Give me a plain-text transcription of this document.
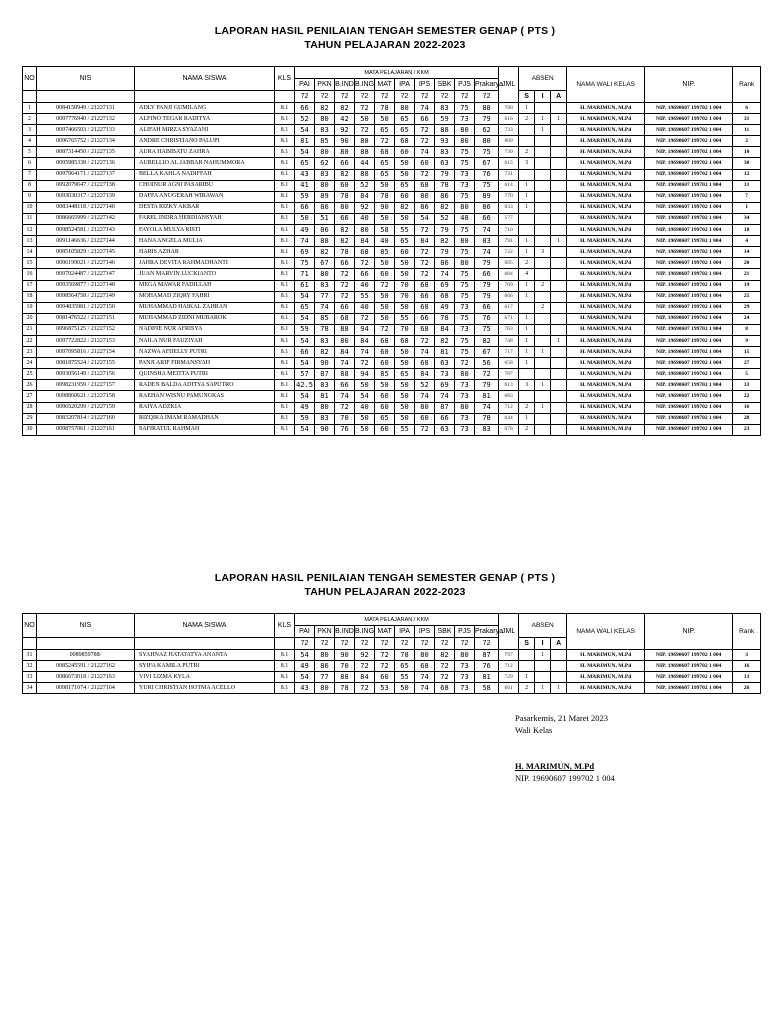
LAPORAN HASIL PENILAIAN TENGAH SEMESTER GENAP ( PTS )
TAHUN PELAJARAN 2022-2023
NO	NIS	NAMA SISWA	KLS	MATA PELAJARAN / KKM										JML	ABSEN			NAMA WALI KELAS	NIP.	Rank
				PAI	PKN	B.IND	B.ING	MAT	IPA	IPS	SBK	PJS	Prakarya							
				72	72	72	72	72	72	72	72	72	72		S	I	A			
1	0084150949 / 21227131	ADLY PANJI GUMILANG	8.1	66	82	82	72	78	80	74	83	75	88	780	1			H. MARIMUN, M.Pd	NIP. 19690607 199702 1 004	6
2	0097776940 / 21227132	ALFINO TEGAR RADITYA	8.1	52	80	42	50	50	65	66	59	73	79	616	2	1	1	H. MARIMUN, M.Pd	NIP. 19690607 199702 1 004	31
3	0097466503 / 21227133	ALIFAH MIRZA SYAZANI	8.1	54	83	92	72	65	65	72	88	80	62	733		1		H. MARIMUN, M.Pd	NIP. 19690607 199702 1 004	11
4	0096765752 / 21227134	ANDRE CHRISTIANO PALUPI	8.1	81	85	90	88	72	68	72	93	80	80	809				H. MARIMUN, M.Pd	NIP. 19690607 199702 1 004	2
5	0087314450 / 21227135	AURA HABIBATU ZAHRA	8.1	54	80	80	88	68	60	74	83	75	75	739	2			H. MARIMUN, M.Pd	NIP. 19690607 199702 1 004	10
6	0095985338 / 21227136	AURELLIO AL JABBAR NAHUMMORA	8.1	65	62	66	44	65	50	60	63	75	67	615	3			H. MARIMUN, M.Pd	NIP. 19690607 199702 1 004	30
7	0097964171 / 21227137	BELLA KAHLA NADIFFAH	8.1	43	83	82	88	65	50	72	79	73	76	731				H. MARIMUN, M.Pd	NIP. 19690607 199702 1 004	12
8	0092079647 / 21227138	CHOINUR AGNI PASARIBU	8.1	41	80	60	52	50	65	68	78	73	75	614	1			H. MARIMUN, M.Pd	NIP. 19690607 199702 1 004	31
9	0093030317 / 21227139	DAFFA ANUGERAH WIRAWAN	8.1	59	89	78	84	78	60	80	86	75	89	770	1			H. MARIMUN, M.Pd	NIP. 19690607 199702 1 004	7
10	0083448118 / 21227140	DESTA RIZKY AKBAR	8.1	66	86	80	92	90	82	86	82	80	86	833	1			H. MARIMUN, M.Pd	NIP. 19690607 199702 1 004	1
11	0086665999 / 21227142	FAREL INDRA HERDIANSYAH	8.1	50	51	66	40	50	50	54	52	48	66	577				H. MARIMUN, M.Pd	NIP. 19690607 199702 1 004	34
12	0098524581 / 21227143	FAYOLA MULYA RISTI	8.1	49	86	82	80	58	55	72	79	75	74	710				H. MARIMUN, M.Pd	NIP. 19690607 199702 1 004	18
13	0091146636 / 21227144	HANA ANGELA MULIA	8.1	74	88	82	84	40	65	84	82	80	83	791	1		1	H. MARIMUN, M.Pd	NIP. 19690607 199702 1 004	4
14	0085105829 / 21227145	HARIS AZHAR	8.1	69	82	78	68	85	60	72	79	75	74	722	1	3		H. MARIMUN, M.Pd	NIP. 19690607 199702 1 004	14
15	0096199021 / 21227146	JAHRA DEVITA RAHMADHANTI	8.1	75	67	66	72	50	50	72	86	80	79	695	2			H. MARIMUN, M.Pd	NIP. 19690607 199702 1 004	20
16	0097024487 / 21227147	JUAN MARVIN LUCKIANTO	8.1	71	80	72	66	60	50	72	74	75	66	684	4			H. MARIMUN, M.Pd	NIP. 19690607 199702 1 004	21
17	0093569877 / 21227148	MEGA MAWAR FADILLAH	8.1	61	83	72	40	72	70	68	69	75	79	709	1	2		H. MARIMUN, M.Pd	NIP. 19690607 199702 1 004	19
18	0098564758 / 21227149	MOHAMAD ZIQRY FAHRI	8.1	54	77	72	55	50	70	66	68	75	79	666	1			H. MARIMUN, M.Pd	NIP. 19690607 199702 1 004	25
19	0094835981 / 21227150	MUHAMMAD HAIKAL ZAHRAN	8.1	65	74	66	40	50	50	68	49	73	66	617		2		H. MARIMUN, M.Pd	NIP. 19690607 199702 1 004	29
20	0081476522 / 21227151	MUHAMMAD ZIDNI MUBAROK	8.1	54	85	68	72	50	55	66	78	75	76	671	1			H. MARIMUN, M.Pd	NIP. 19690607 199702 1 004	24
21	0096875125 / 21227152	NADINE NUR AFRISYA	8.1	59	78	88	94	72	70	68	84	73	75	763	1			H. MARIMUN, M.Pd	NIP. 19690607 199702 1 004	8
22	0097722822 / 21227153	NAILA NUR FAUZIYAH	8.1	54	83	80	84	68	68	72	82	75	82	748	1		1	H. MARIMUN, M.Pd	NIP. 19690607 199702 1 004	9
23	0097095816 / 21227154	NAZWA AFDELLY PUTRI	8.1	66	82	84	74	60	50	74	81	75	67	717	1	1		H. MARIMUN, M.Pd	NIP. 19690607 199702 1 004	15
24	0081875524 / 21227155	PANJI ARIF FIRMANSYAH	8.1	54	90	74	72	60	50	68	63	72	56	658	1			H. MARIMUN, M.Pd	NIP. 19690607 199702 1 004	27
25	0093056149 / 21227156	QUINSHA MEITTA PUTRI	8.1	57	87	88	94	85	65	84	73	80	72	787				H. MARIMUN, M.Pd	NIP. 19690607 199702 1 004	5
26	0098231959 / 21227157	RADEN BALDA ADITYA SAPUTRO	8.1	42.5	83	66	50	50	50	52	69	73	79	613	3	1		H. MARIMUN, M.Pd	NIP. 19690607 199702 1 004	33
27	0098860621 / 21227158	RAEHAN WISNU PAMUNGKAS	8.1	54	81	74	54	60	50	74	74	73	81	683				H. MARIMUN, M.Pd	NIP. 19690607 199702 1 004	22
28	0096520299 / 21227159	RAIYA ADZKIA	8.1	49	80	72	40	60	50	80	87	80	74	712	2	1		H. MARIMUN, M.Pd	NIP. 19690607 199702 1 004	16
29	0083207814 / 21227160	RIZQIKA IMAM RAMADHAN	8.1	59	83	70	50	65	50	60	66	73	70	644	1			H. MARIMUN, M.Pd	NIP. 19690607 199702 1 004	28
30	0098757061 / 21227161	SAFIRATUL RAHMAH	8.1	54	90	76	50	60	55	72	63	73	83	676	2			H. MARIMUN, M.Pd	NIP. 19690607 199702 1 004	23
LAPORAN HASIL PENILAIAN TENGAH SEMESTER GENAP ( PTS )
TAHUN PELAJARAN 2022-2023
NO	NIS	NAMA SISWA	KLS	MATA PELAJARAN / KKM										JML	ABSEN			NAMA WALI KELAS	NIP.	Rank
				PAI	PKN	B.IND	B.ING	MAT	IPA	IPS	SBK	PJS	Prakarya							
				72	72	72	72	72	72	72	72	72	72		S	I	A			
31	0089859788/	SYAHNAZ HATATATYA ANANTA	8.1	54	80	90	92	72	78	80	82	80	87	797		1		H. MARIMUN, M.Pd	NIP. 19690607 199702 1 004	3
32	0085245591 / 21227162	SYIFA KAMILA PUTRI	8.1	49	86	70	72	72	65	68	72	73	76	712				H. MARIMUN, M.Pd	NIP. 19690607 199702 1 004	16
33	0086673018 / 21227163	VIVI LIZMA KYLA	8.1	54	77	88	84	60	55	74	72	73	81	729	1			H. MARIMUN, M.Pd	NIP. 19690607 199702 1 004	13
34	0098171074 / 21227164	YURI CHRISTIAN HOTMA ACELLO	8.1	43	80	78	72	53	50	74	68	73	58	661	2	1	1	H. MARIMUN, M.Pd	NIP. 19690607 199702 1 004	26
Pasarkemis, 21 Maret 2023
Wali Kelas
H. MARIMUN, M.Pd
NIP. 19690607 199702 1 004
